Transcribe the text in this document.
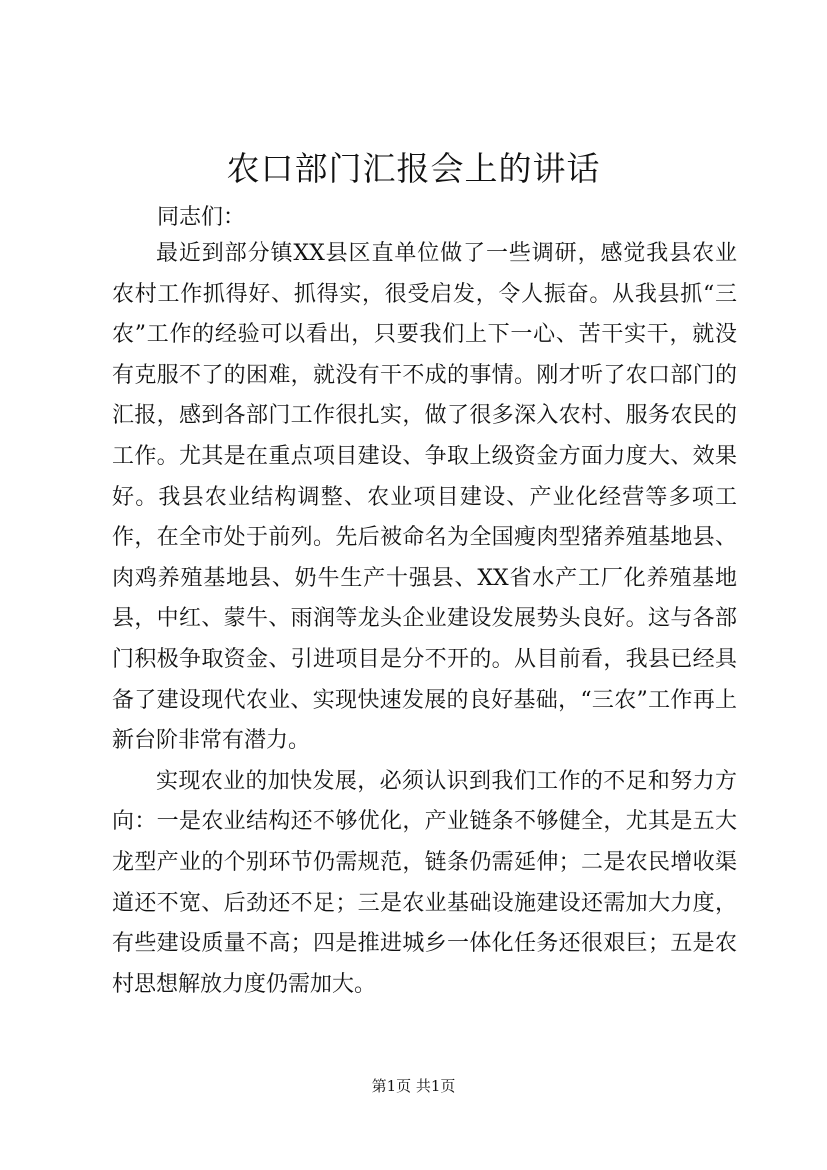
农口部门汇报会上的讲话
同志们：

最近到部分镇XX县区直单位做了一些调研，感觉我县农业农村工作抓得好、抓得实，很受启发，令人振奋。从我县抓“三农”工作的经验可以看出，只要我们上下一心、苦干实干，就没有克服不了的困难，就没有干不成的事情。刚才听了农口部门的汇报，感到各部门工作很扎实，做了很多深入农村、服务农民的工作。尤其是在重点项目建设、争取上级资金方面力度大、效果好。我县农业结构调整、农业项目建设、产业化经营等多项工作，在全市处于前列。先后被命名为全国瘦肉型猪养殖基地县、肉鸡养殖基地县、奶牛生产十强县、XX省水产工厂化养殖基地县，中红、蒙牛、雨润等龙头企业建设发展势头良好。这与各部门积极争取资金、引进项目是分不开的。从目前看，我县已经具备了建设现代农业、实现快速发展的良好基础，“三农”工作再上新台阶非常有潜力。

实现农业的加快发展，必须认识到我们工作的不足和努力方向：一是农业结构还不够优化，产业链条不够健全，尤其是五大龙型产业的个别环节仍需规范，链条仍需延伸；二是农民增收渠道还不宽、后劲还不足；三是农业基础设施建设还需加大力度，有些建设质量不高；四是推进城乡一体化任务还很艰巨；五是农村思想解放力度仍需加大。

第1页 共1页
